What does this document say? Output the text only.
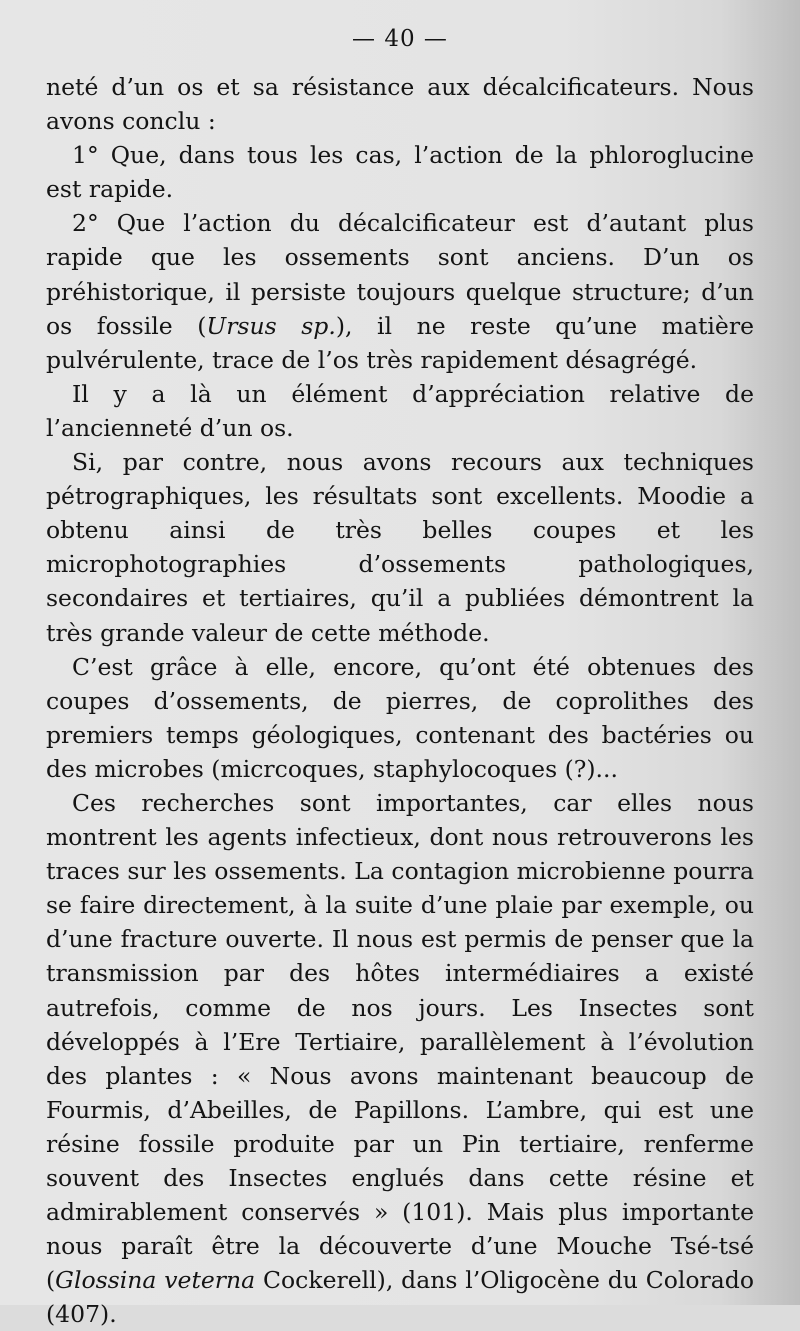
— 40 —

neté d’un os et sa résistance aux décalcificateurs. Nous avons conclu :

1° Que, dans tous les cas, l’action de la phloroglucine est rapide.

2° Que l’action du décalcificateur est d’autant plus rapide que les ossements sont anciens. D’un os préhistorique, il persiste toujours quelque structure; d’un os fossile (Ursus sp.), il ne reste qu’une matière pulvérulente, trace de l’os très rapidement désagrégé.

Il y a là un élément d’appréciation relative de l’ancienneté d’un os.

Si, par contre, nous avons recours aux techniques pétrographiques, les résultats sont excellents. Moodie a obtenu ainsi de très belles coupes et les microphotographies d’ossements pathologiques, secondaires et tertiaires, qu’il a publiées démontrent la très grande valeur de cette méthode.

C’est grâce à elle, encore, qu’ont été obtenues des coupes d’ossements, de pierres, de coprolithes des premiers temps géologiques, contenant des bactéries ou des microbes (micrcoques, staphylocoques (?)...

Ces recherches sont importantes, car elles nous montrent les agents infectieux, dont nous retrouverons les traces sur les ossements. La contagion microbienne pourra se faire directement, à la suite d’une plaie par exemple, ou d’une fracture ouverte. Il nous est permis de penser que la transmission par des hôtes intermédiaires a existé autrefois, comme de nos jours. Les Insectes sont développés à l’Ere Tertiaire, parallèlement à l’évolution des plantes : « Nous avons maintenant beaucoup de Fourmis, d’Abeilles, de Papillons. L’ambre, qui est une résine fossile produite par un Pin tertiaire, renferme souvent des Insectes englués dans cette résine et admirablement conservés » (101). Mais plus importante nous paraît être la découverte d’une Mouche Tsé-tsé (Glossina veterna Cockerell), dans l’Oligocène du Colorado (407).
